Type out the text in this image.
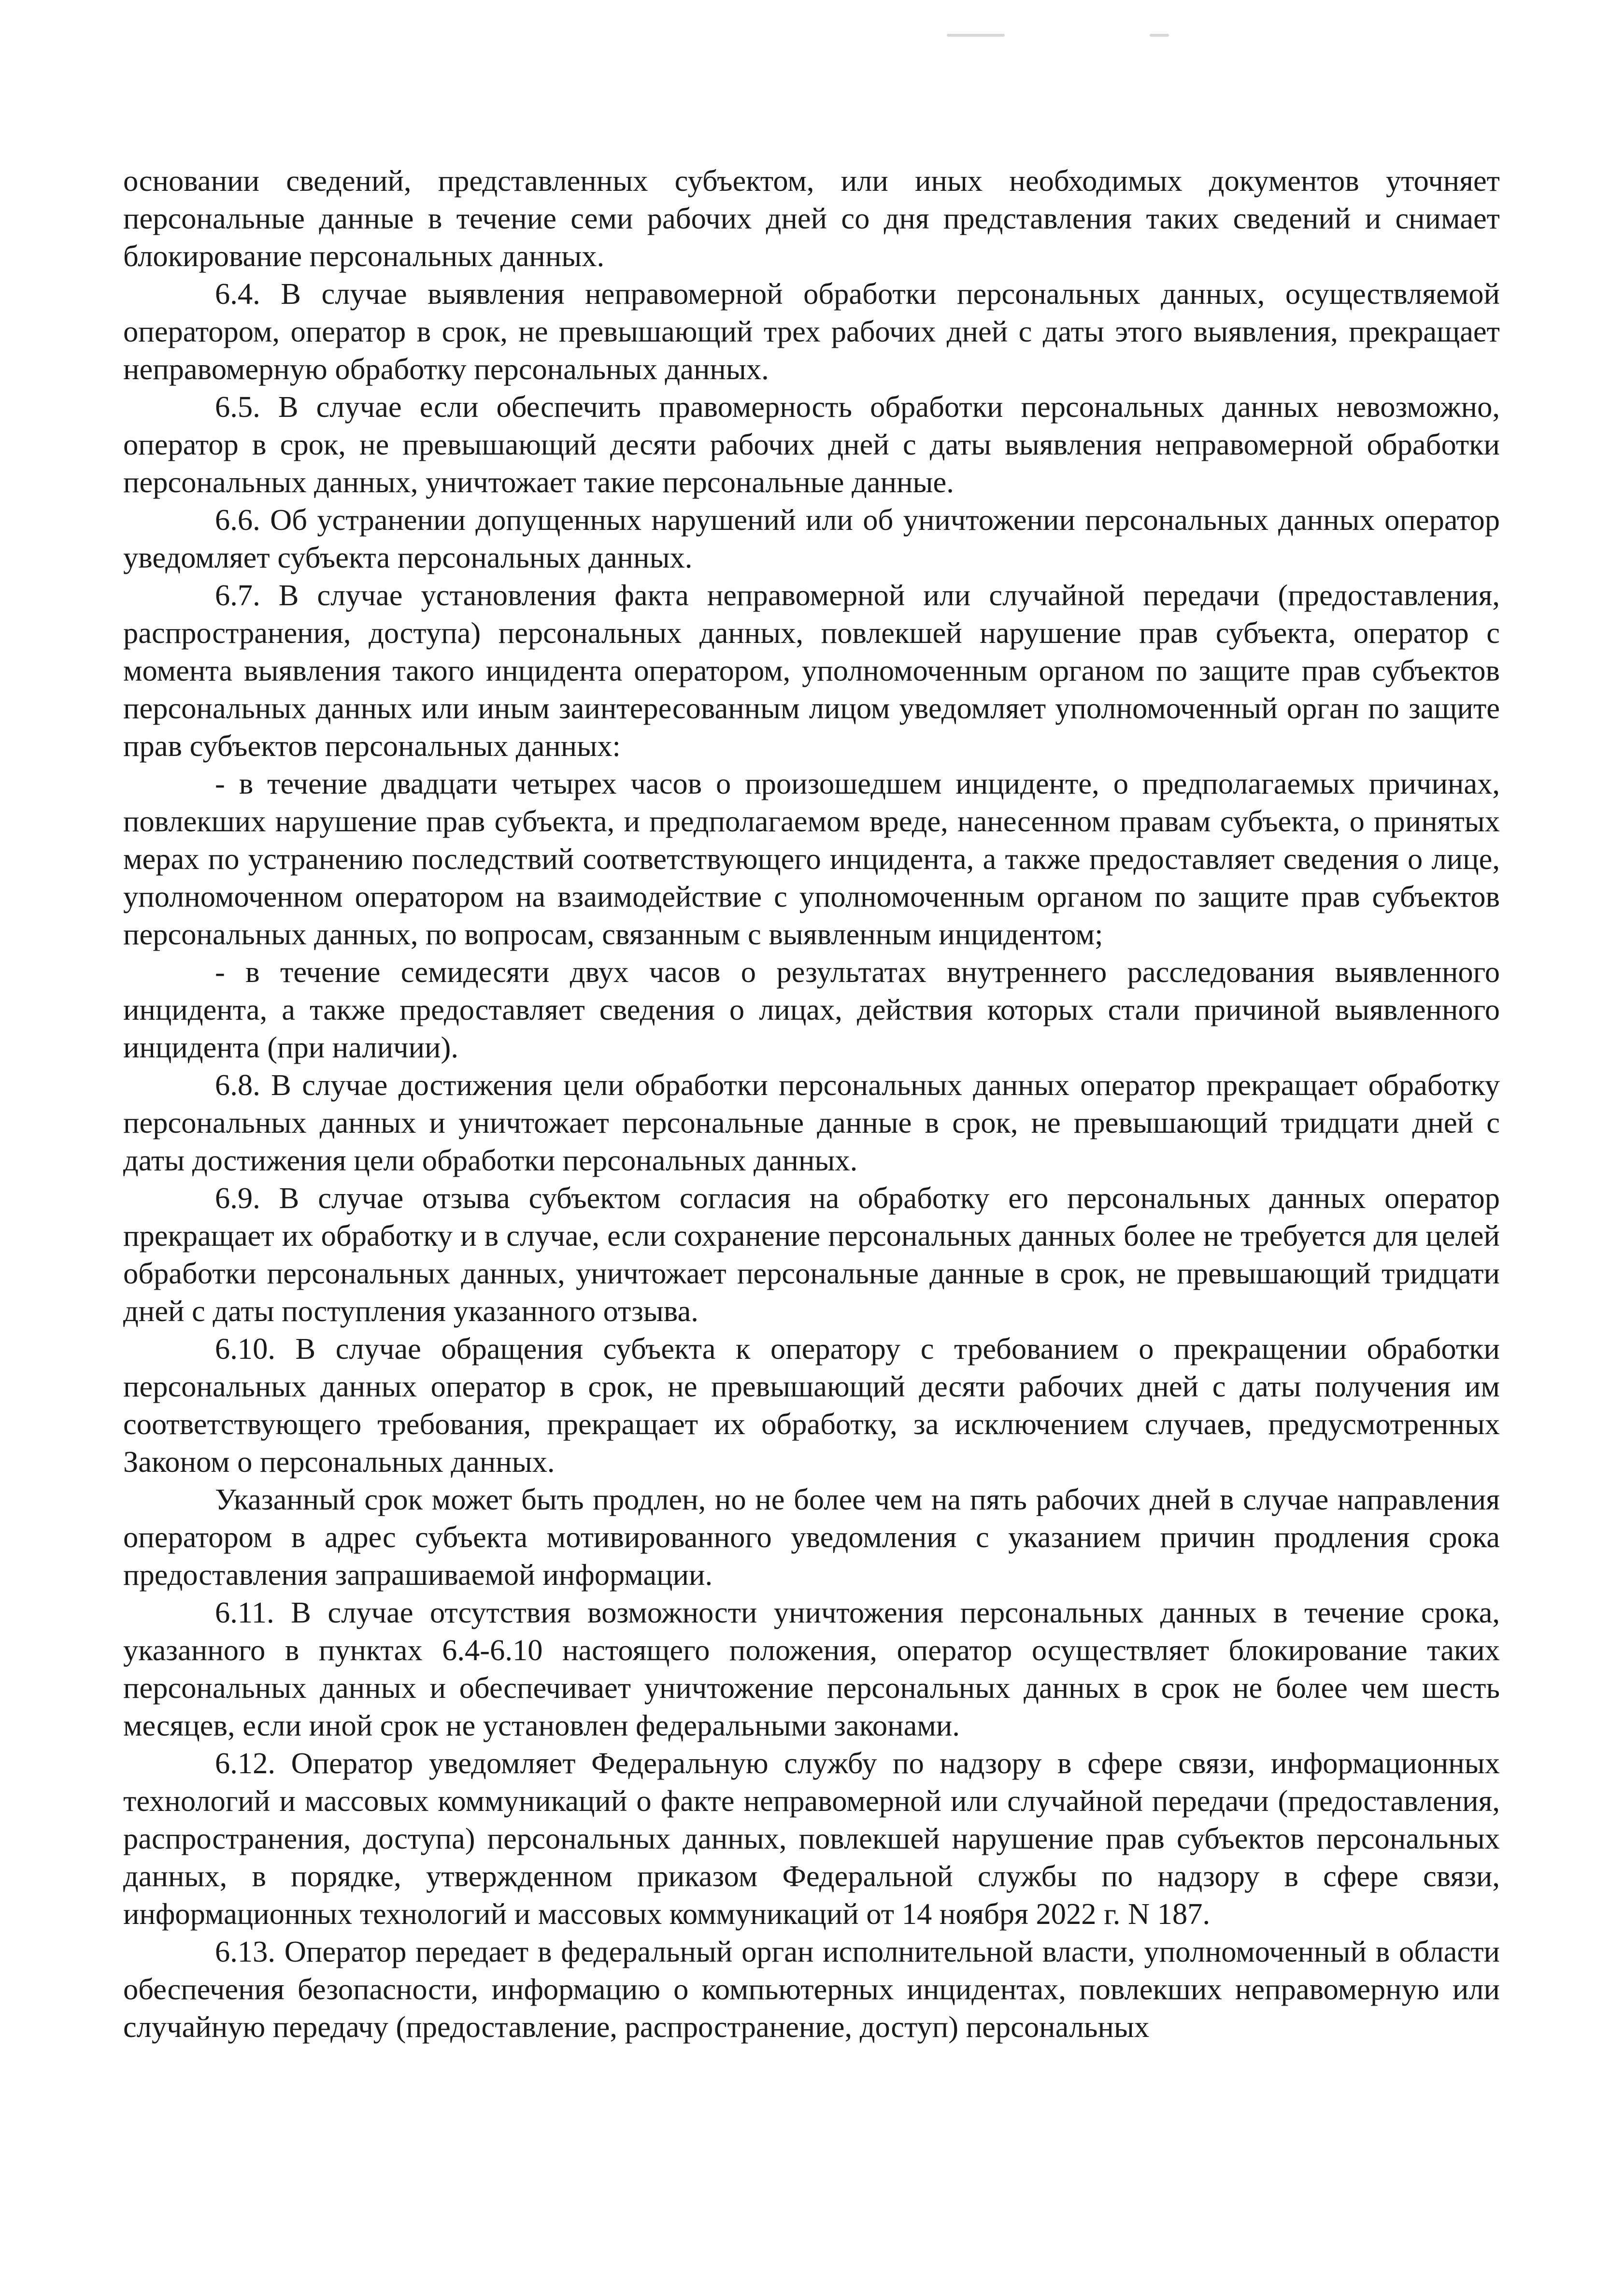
основании сведений, представленных субъектом, или иных необходимых документов уточняет персональные данные в течение семи рабочих дней со дня представления таких сведений и снимает блокирование персональных данных.

6.4. В случае выявления неправомерной обработки персональных данных, осуществляемой оператором, оператор в срок, не превышающий трех рабочих дней с даты этого выявления, прекращает неправомерную обработку персональных данных.

6.5. В случае если обеспечить правомерность обработки персональных данных невозможно, оператор в срок, не превышающий десяти рабочих дней с даты выявления неправомерной обработки персональных данных, уничтожает такие персональные данные.

6.6. Об устранении допущенных нарушений или об уничтожении персональных данных оператор уведомляет субъекта персональных данных.

6.7. В случае установления факта неправомерной или случайной передачи (предоставления, распространения, доступа) персональных данных, повлекшей нарушение прав субъекта, оператор с момента выявления такого инцидента оператором, уполномоченным органом по защите прав субъектов персональных данных или иным заинтересованным лицом уведомляет уполномоченный орган по защите прав субъектов персональных данных:

- в течение двадцати четырех часов о произошедшем инциденте, о предполагаемых причинах, повлекших нарушение прав субъекта, и предполагаемом вреде, нанесенном правам субъекта, о принятых мерах по устранению последствий соответствующего инцидента, а также предоставляет сведения о лице, уполномоченном оператором на взаимодействие с уполномоченным органом по защите прав субъектов персональных данных, по вопросам, связанным с выявленным инцидентом;

- в течение семидесяти двух часов о результатах внутреннего расследования выявленного инцидента, а также предоставляет сведения о лицах, действия которых стали причиной выявленного инцидента (при наличии).

6.8. В случае достижения цели обработки персональных данных оператор прекращает обработку персональных данных и уничтожает персональные данные в срок, не превышающий тридцати дней с даты достижения цели обработки персональных данных.

6.9. В случае отзыва субъектом согласия на обработку его персональных данных оператор прекращает их обработку и в случае, если сохранение персональных данных более не требуется для целей обработки персональных данных, уничтожает персональные данные в срок, не превышающий тридцати дней с даты поступления указанного отзыва.

6.10. В случае обращения субъекта к оператору с требованием о прекращении обработки персональных данных оператор в срок, не превышающий десяти рабочих дней с даты получения им соответствующего требования, прекращает их обработку, за исключением случаев, предусмотренных Законом о персональных данных.

Указанный срок может быть продлен, но не более чем на пять рабочих дней в случае направления оператором в адрес субъекта мотивированного уведомления с указанием причин продления срока предоставления запрашиваемой информации.

6.11. В случае отсутствия возможности уничтожения персональных данных в течение срока, указанного в пунктах 6.4-6.10 настоящего положения, оператор осуществляет блокирование таких персональных данных и обеспечивает уничтожение персональных данных в срок не более чем шесть месяцев, если иной срок не установлен федеральными законами.

6.12. Оператор уведомляет Федеральную службу по надзору в сфере связи, информационных технологий и массовых коммуникаций о факте неправомерной или случайной передачи (предоставления, распространения, доступа) персональных данных, повлекшей нарушение прав субъектов персональных данных, в порядке, утвержденном приказом Федеральной службы по надзору в сфере связи, информационных технологий и массовых коммуникаций от 14 ноября 2022 г. N 187.

6.13. Оператор передает в федеральный орган исполнительной власти, уполномоченный в области обеспечения безопасности, информацию о компьютерных инцидентах, повлекших неправомерную или случайную передачу (предоставление, распространение, доступ) персональных
